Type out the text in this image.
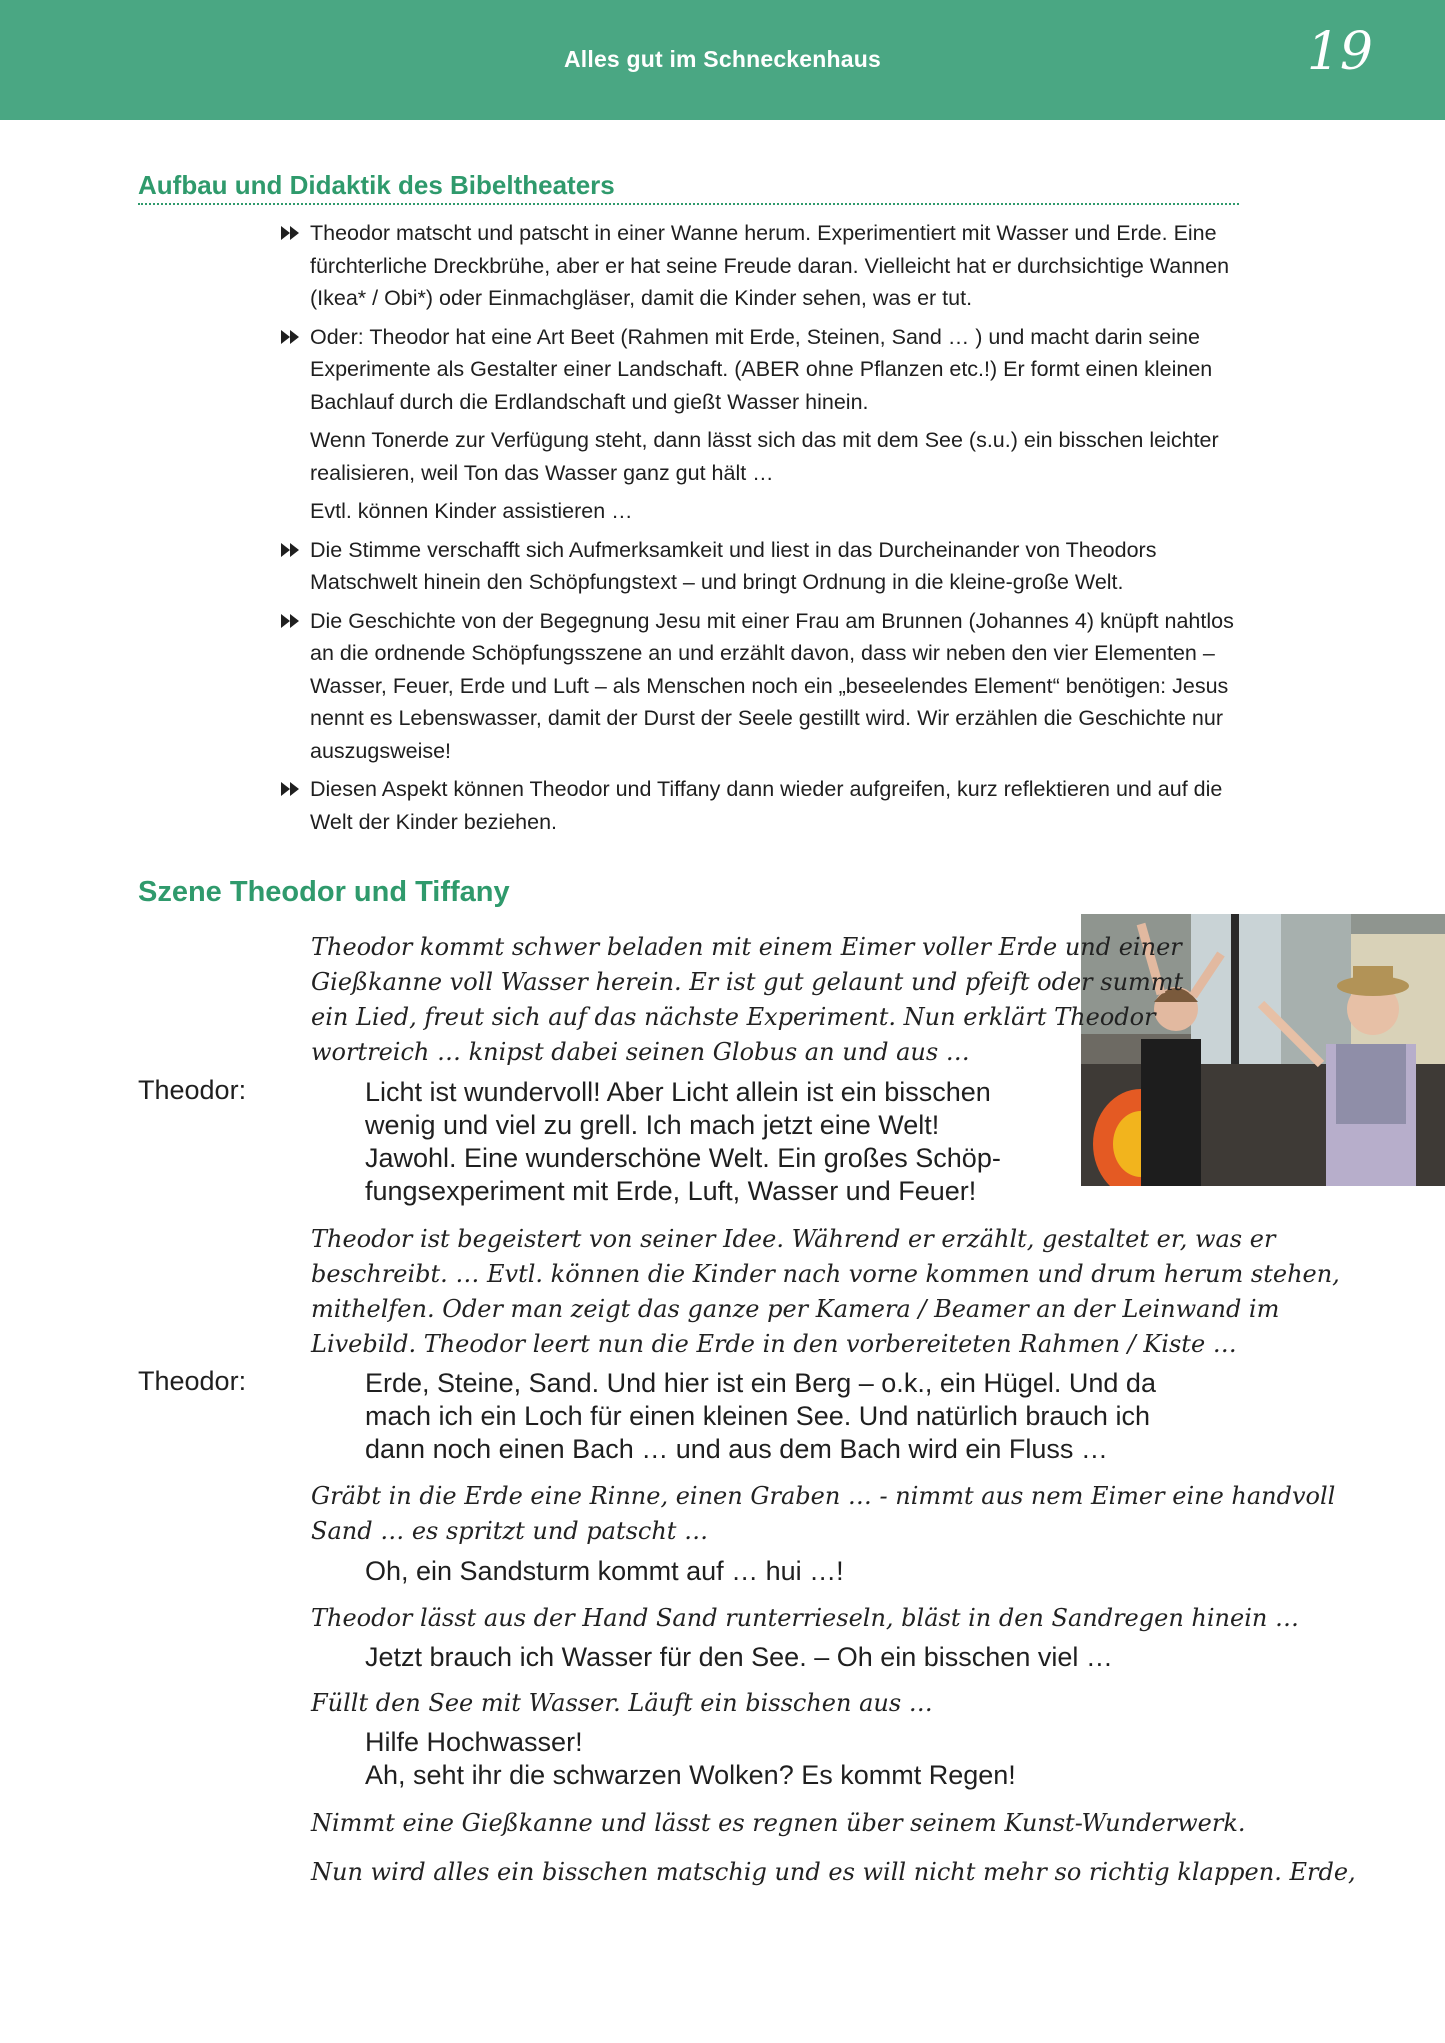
Alles gut im Schneckenhaus	19
Aufbau und Didaktik des Bibeltheaters
Theodor matscht und patscht in einer Wanne herum. Experimentiert mit Wasser und Erde. Eine fürchterliche Dreckbrühe, aber er hat seine Freude daran. Vielleicht hat er durchsichtige Wannen (Ikea* / Obi*) oder Einmachgläser, damit die Kinder sehen, was er tut.
Oder: Theodor hat eine Art Beet (Rahmen mit Erde, Steinen, Sand … ) und macht darin seine Experimente als Gestalter einer Landschaft. (ABER ohne Pflanzen etc.!) Er formt einen kleinen Bachlauf durch die Erdlandschaft und gießt Wasser hinein.
Wenn Tonerde zur Verfügung steht, dann lässt sich das mit dem See (s.u.) ein bisschen leichter realisieren, weil Ton das Wasser ganz gut hält …
Evtl. können Kinder assistieren …
Die Stimme verschafft sich Aufmerksamkeit und liest in das Durcheinander von Theodors Matschwelt hinein den Schöpfungstext – und bringt Ordnung in die kleine-große Welt.
Die Geschichte von der Begegnung Jesu mit einer Frau am Brunnen (Johannes 4) knüpft nahtlos an die ordnende Schöpfungsszene an und erzählt davon, dass wir neben den vier Elementen – Wasser, Feuer, Erde und Luft – als Menschen noch ein „beseelendes Element“ benötigen: Jesus nennt es Lebenswasser, damit der Durst der Seele gestillt wird. Wir erzählen die Geschichte nur auszugsweise!
Diesen Aspekt können Theodor und Tiffany dann wieder aufgreifen, kurz reflektieren und auf die Welt der Kinder beziehen.
Szene Theodor und Tiffany
Theodor kommt schwer beladen mit einem Eimer voller Erde und einer
Gießkanne voll Wasser herein. Er ist gut gelaunt und pfeift oder summt
ein Lied, freut sich auf das nächste Experiment. Nun erklärt Theodor
wortreich … knipst dabei seinen Globus an und aus …
Theodor:	Licht ist wundervoll! Aber Licht allein ist ein bisschen
wenig und viel zu grell. Ich mach jetzt eine Welt!
Jawohl. Eine wunderschöne Welt. Ein großes Schöp-
fungsexperiment mit Erde, Luft, Wasser und Feuer!
Theodor ist begeistert von seiner Idee. Während er erzählt, gestaltet er, was er
beschreibt. … Evtl. können die Kinder nach vorne kommen und drum herum stehen,
mithelfen. Oder man zeigt das ganze per Kamera / Beamer an der Leinwand im
Livebild. Theodor leert nun die Erde in den vorbereiteten Rahmen / Kiste …
Theodor:	Erde, Steine, Sand. Und hier ist ein Berg – o.k., ein Hügel. Und da
mach ich ein Loch für einen kleinen See. Und natürlich brauch ich
dann noch einen Bach … und aus dem Bach wird ein Fluss …
Gräbt in die Erde eine Rinne, einen Graben … - nimmt aus nem Eimer eine handvoll
Sand … es spritzt und patscht …
Oh, ein Sandsturm kommt auf … hui …!
Theodor lässt aus der Hand Sand runterrieseln, bläst in den Sandregen hinein …
Jetzt brauch ich Wasser für den See. – Oh ein bisschen viel …
Füllt den See mit Wasser. Läuft ein bisschen aus …
Hilfe Hochwasser!
Ah, seht ihr die schwarzen Wolken? Es kommt Regen!
Nimmt eine Gießkanne und lässt es regnen über seinem Kunst-Wunderwerk.
Nun wird alles ein bisschen matschig und es will nicht mehr so richtig klappen. Erde,
